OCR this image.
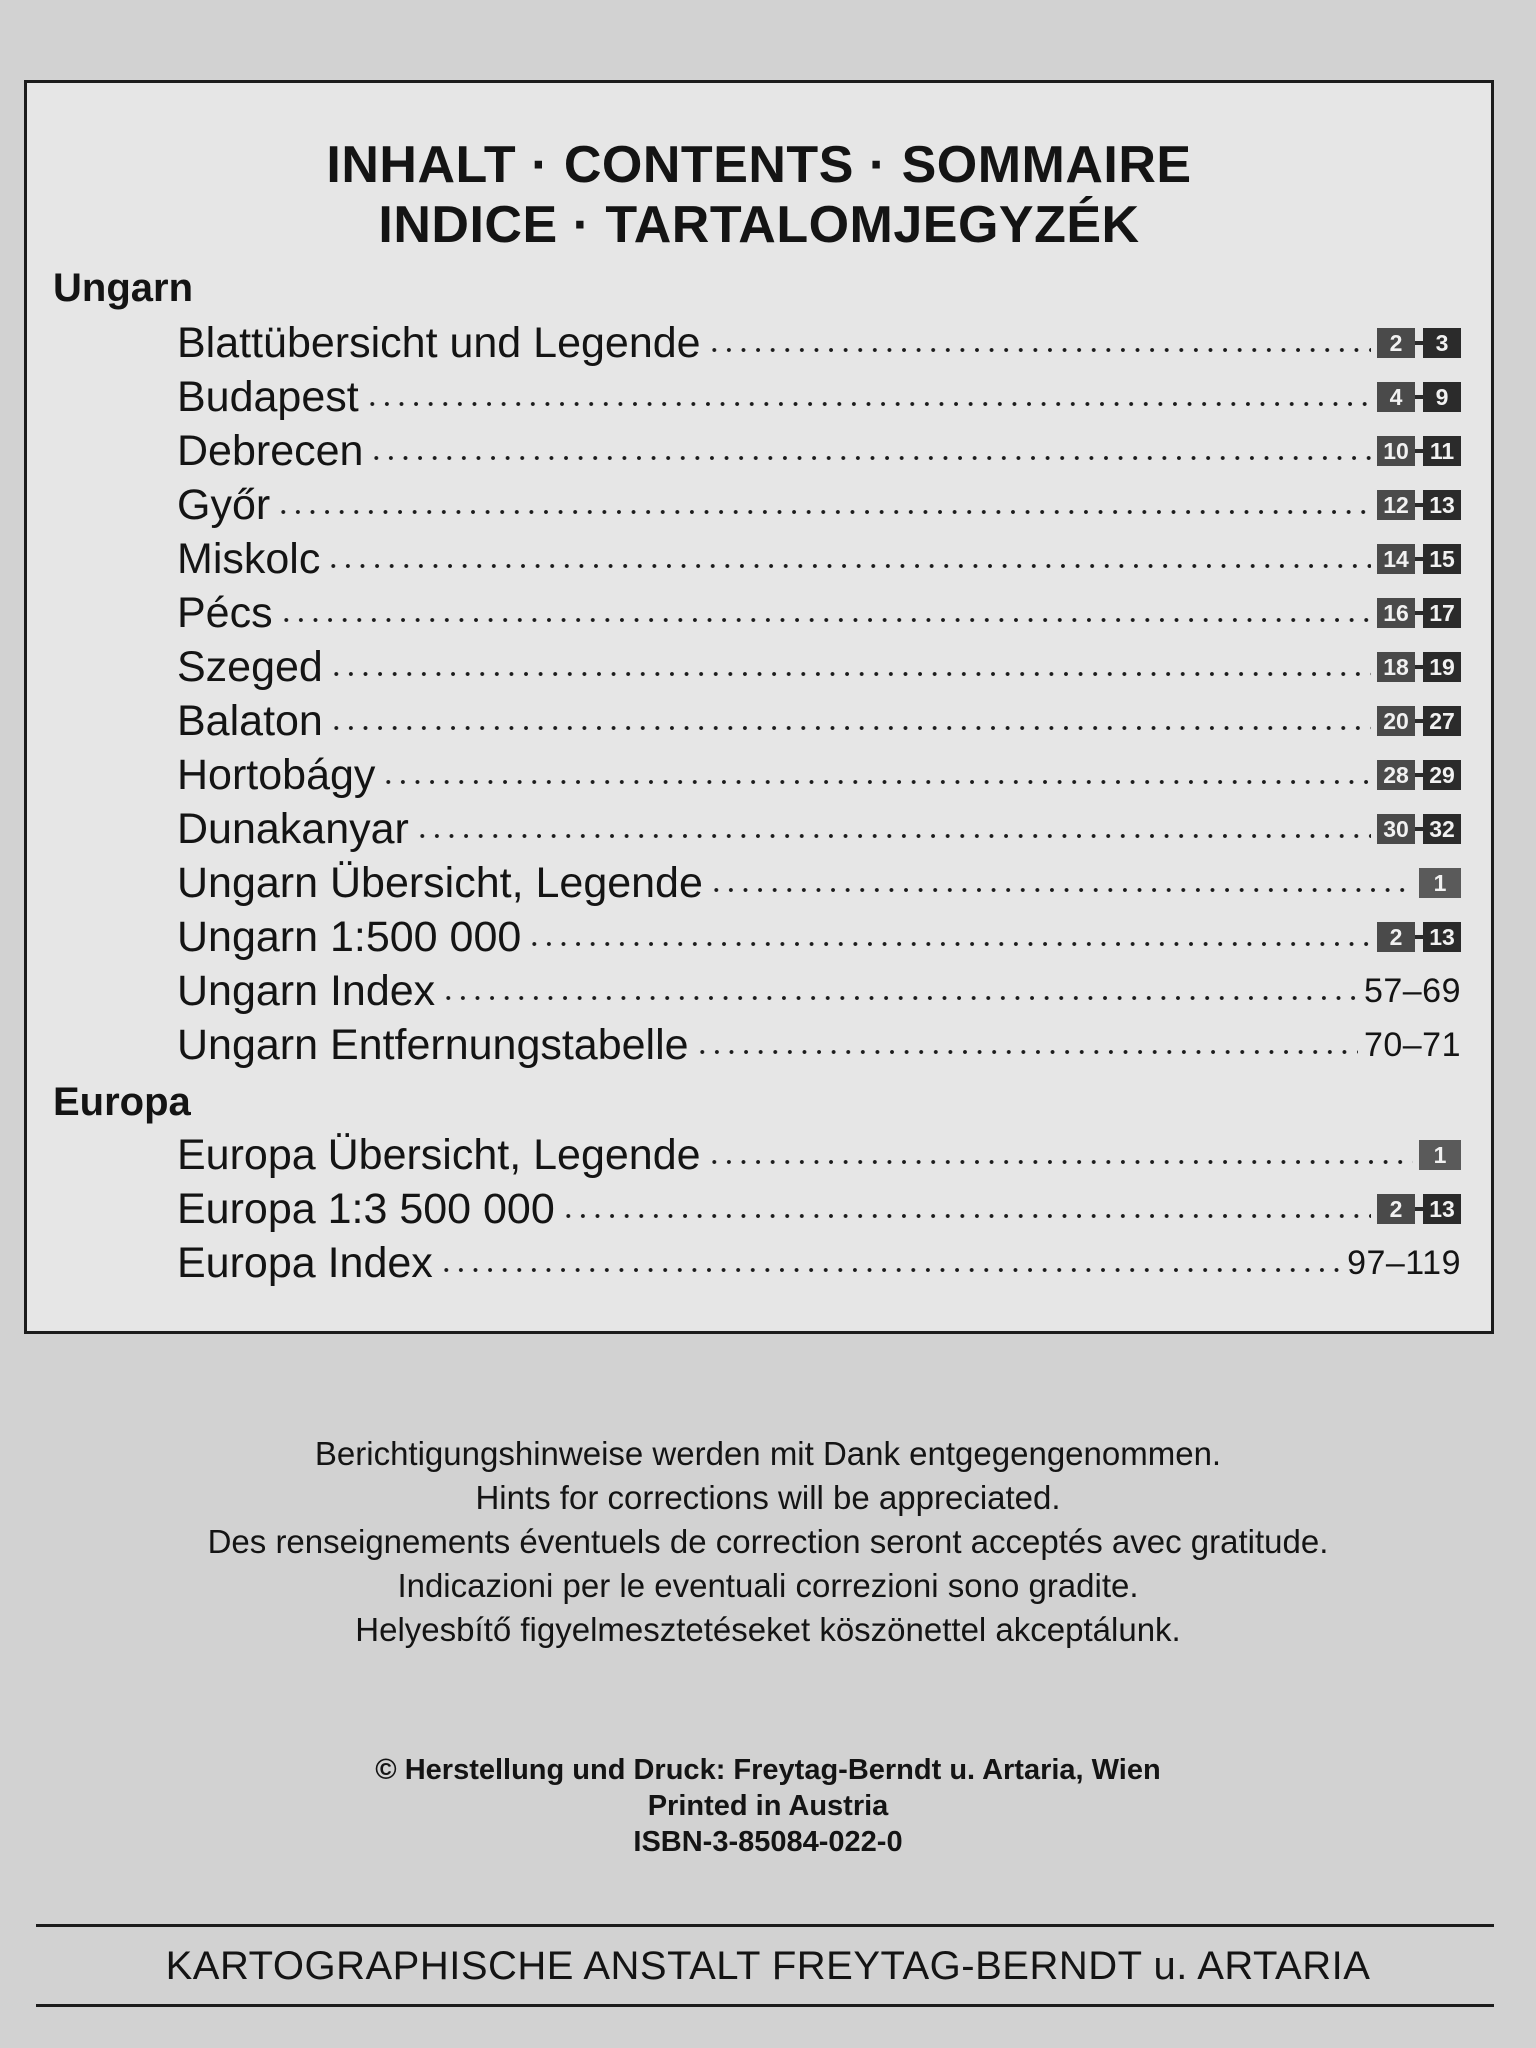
INHALT · CONTENTS · SOMMAIRE
INDICE · TARTALOMJEGYZÉK
Ungarn
Blattübersicht und Legende	2	3
Budapest	4	9
Debrecen	10 11
Győr	12 13
Miskolc	14 15
Pécs	16 17
Szeged	18 19
Balaton	20 27
Hortobágy	28 29
Dunakanyar	30 32
Ungarn Übersicht, Legende	1
Ungarn 1:500 000	2	13
Ungarn Index	57–69
Ungarn Entfernungstabelle	70–71
Europa
Europa Übersicht, Legende	1
Europa 1:3 500 000	2	13
Europa Index	97–119
Berichtigungshinweise werden mit Dank entgegengenommen.
Hints for corrections will be appreciated.
Des renseignements éventuels de correction seront acceptés avec gratitude.
Indicazioni per le eventuali correzioni sono gradite.
Helyesbítő figyelmesztetéseket köszönettel akceptálunk.
© Herstellung und Druck: Freytag-Berndt u. Artaria, Wien
Printed in Austria
ISBN-3-85084-022-0
KARTOGRAPHISCHE ANSTALT FREYTAG-BERNDT u. ARTARIA
